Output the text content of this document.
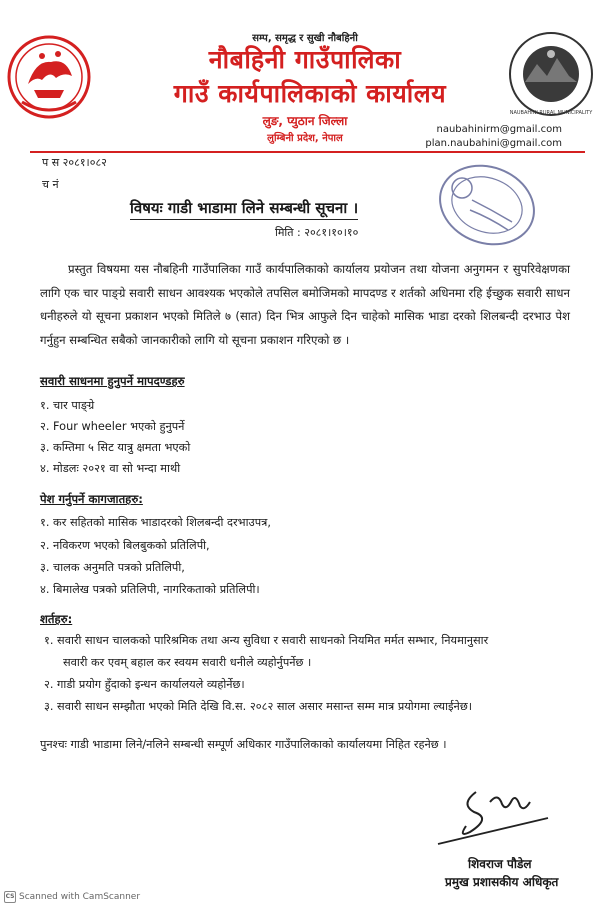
NAUBAHINI RURAL MUNICIPALITY
सम्प, समृद्ध र सुखी नौबहिनी
नौबहिनी गाउँपालिका
गाउँ कार्यपालिकाको कार्यालय
लुङ, प्युठान जिल्ला
लुम्बिनी प्रदेश, नेपाल
naubahinirm@gmail.com
plan.naubahini@gmail.com
प स २०८१।०८२
च नं
विषयः गाडी भाडामा लिने सम्बन्धी सूचना ।
मिति : २०८१।१०।१०
प्रस्तुत विषयमा यस नौबहिनी गाउँपालिका गाउँ कार्यपालिकाको कार्यालय प्रयोजन तथा योजना अनुगमन र सुपरिवेक्षणका लागि एक चार पाङ्ग्रे सवारी साधन आवश्यक भएकोले तपसिल बमोजिमको मापदण्ड र शर्तको अधिनमा रहि ईच्छुक सवारी साधन धनीहरुले यो सूचना प्रकाशन भएको मितिले ७ (सात) दिन भित्र आफुले दिन चाहेको मासिक भाडा दरको शिलबन्दी दरभाउ पेश गर्नुहुन सम्बन्धित सबैको जानकारीको लागि यो सूचना प्रकाशन गरिएको छ ।
सवारी साधनमा हुनुपर्ने मापदण्डहरु
१. चार पाङ्ग्रे
२. Four wheeler भएको हुनुपर्ने
३. कम्तिमा ५ सिट यात्रु क्षमता भएको
४. मोडलः २०२१ वा सो भन्दा माथी
पेश गर्नुपर्ने कागजातहरु:
१. कर सहितको मासिक भाडादरको शिलबन्दी दरभाउपत्र,
२. नविकरण भएको बिलबुकको प्रतिलिपी,
३. चालक अनुमति पत्रको प्रतिलिपी,
४. बिमालेख पत्रको प्रतिलिपी, नागरिकताको प्रतिलिपी।
शर्तहरु:
१. सवारी साधन चालकको पारिश्रमिक तथा अन्य सुविधा र सवारी साधनको नियमित मर्मत सम्भार, नियमानुसार
सवारी कर एवम् बहाल कर स्वयम सवारी धनीले व्यहोर्नुपर्नेछ ।
२. गाडी प्रयोग हुँदाको इन्धन कार्यालयले व्यहोर्नेछ।
३. सवारी साधन सम्झौता भएको मिति देखि वि.स. २०८२ साल असार मसान्त सम्म मात्र प्रयोगमा ल्याईनेछ।
पुनश्चः गाडी भाडामा लिने/नलिने सम्बन्धी सम्पूर्ण अधिकार गाउँपालिकाको कार्यालयमा निहित रहनेछ ।
शिवराज पौडेल
प्रमुख प्रशासकीय अधिकृत
CS Scanned with CamScanner
